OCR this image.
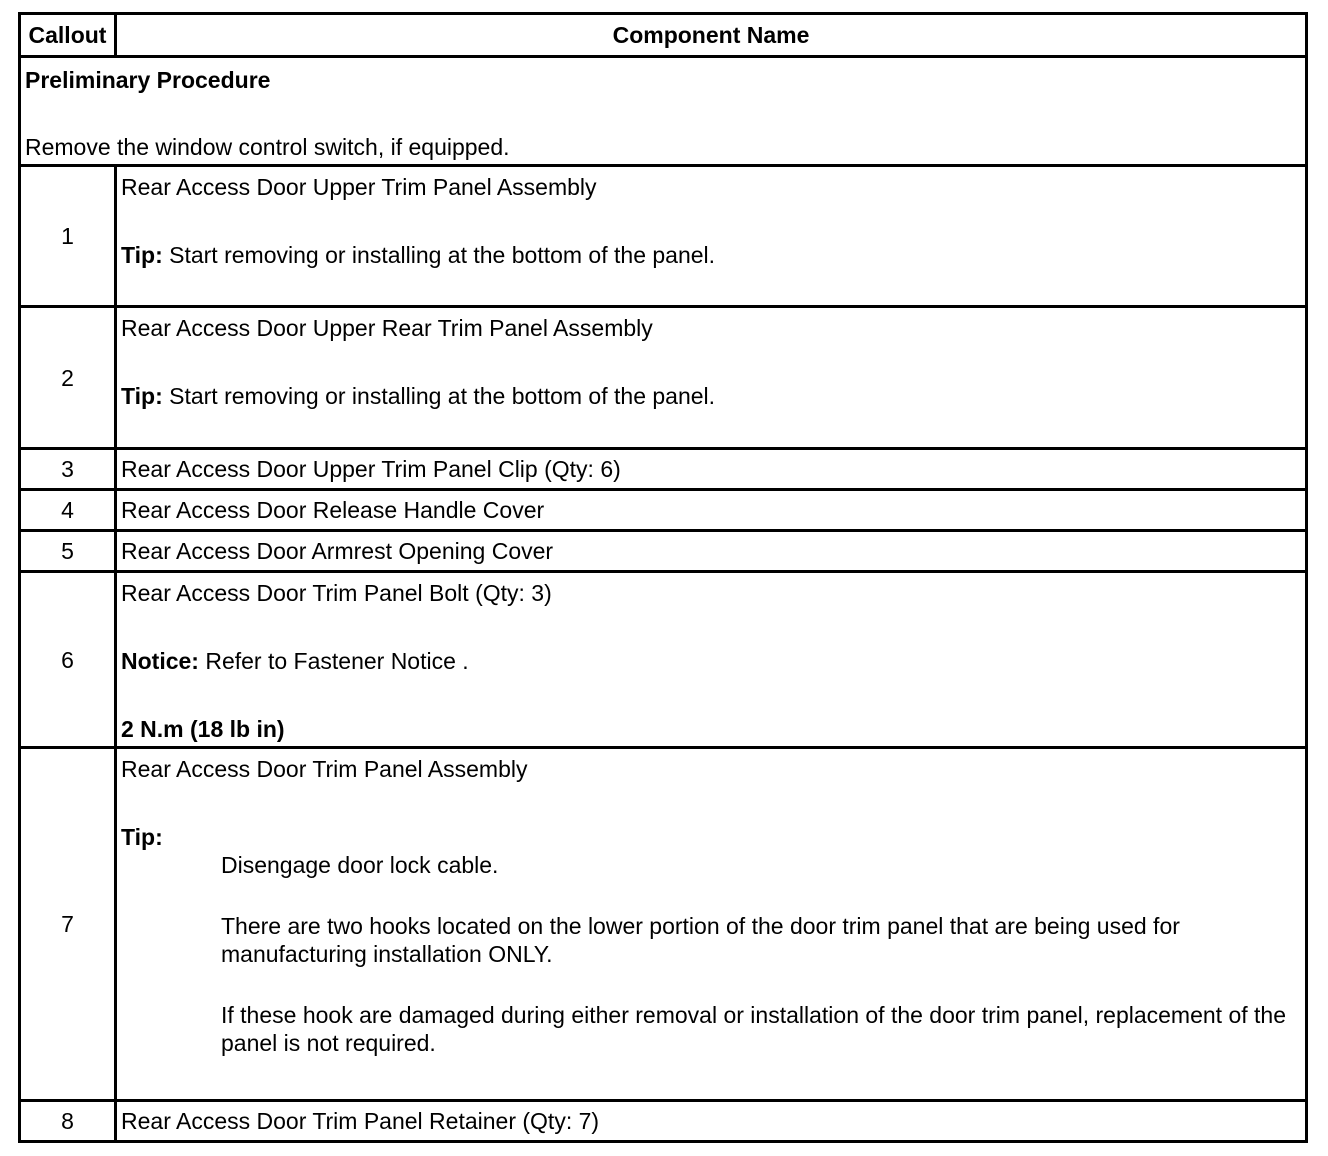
Callout	Component Name

Preliminary Procedure
Remove the window control switch, if equipped.	

1	Rear Access Door Upper Trim Panel Assembly
Tip: Start removing or installing at the bottom of the panel.

2	Rear Access Door Upper Rear Trim Panel Assembly
Tip: Start removing or installing at the bottom of the panel.

3	Rear Access Door Upper Trim Panel Clip (Qty: 6)
4	Rear Access Door Release Handle Cover
5	Rear Access Door Armrest Opening Cover
6	Rear Access Door Trim Panel Bolt (Qty: 3)
Notice: Refer to Fastener Notice .
2 N.m (18 lb in)

7	Rear Access Door Trim Panel Assembly
Tip:
Disengage door lock cable.
There are two hooks located on the lower portion of the door trim panel that are being used for manufacturing installation ONLY.
If these hook are damaged during either removal or installation of the door trim panel, replacement of the panel is not required.

8	Rear Access Door Trim Panel Retainer (Qty: 7)
